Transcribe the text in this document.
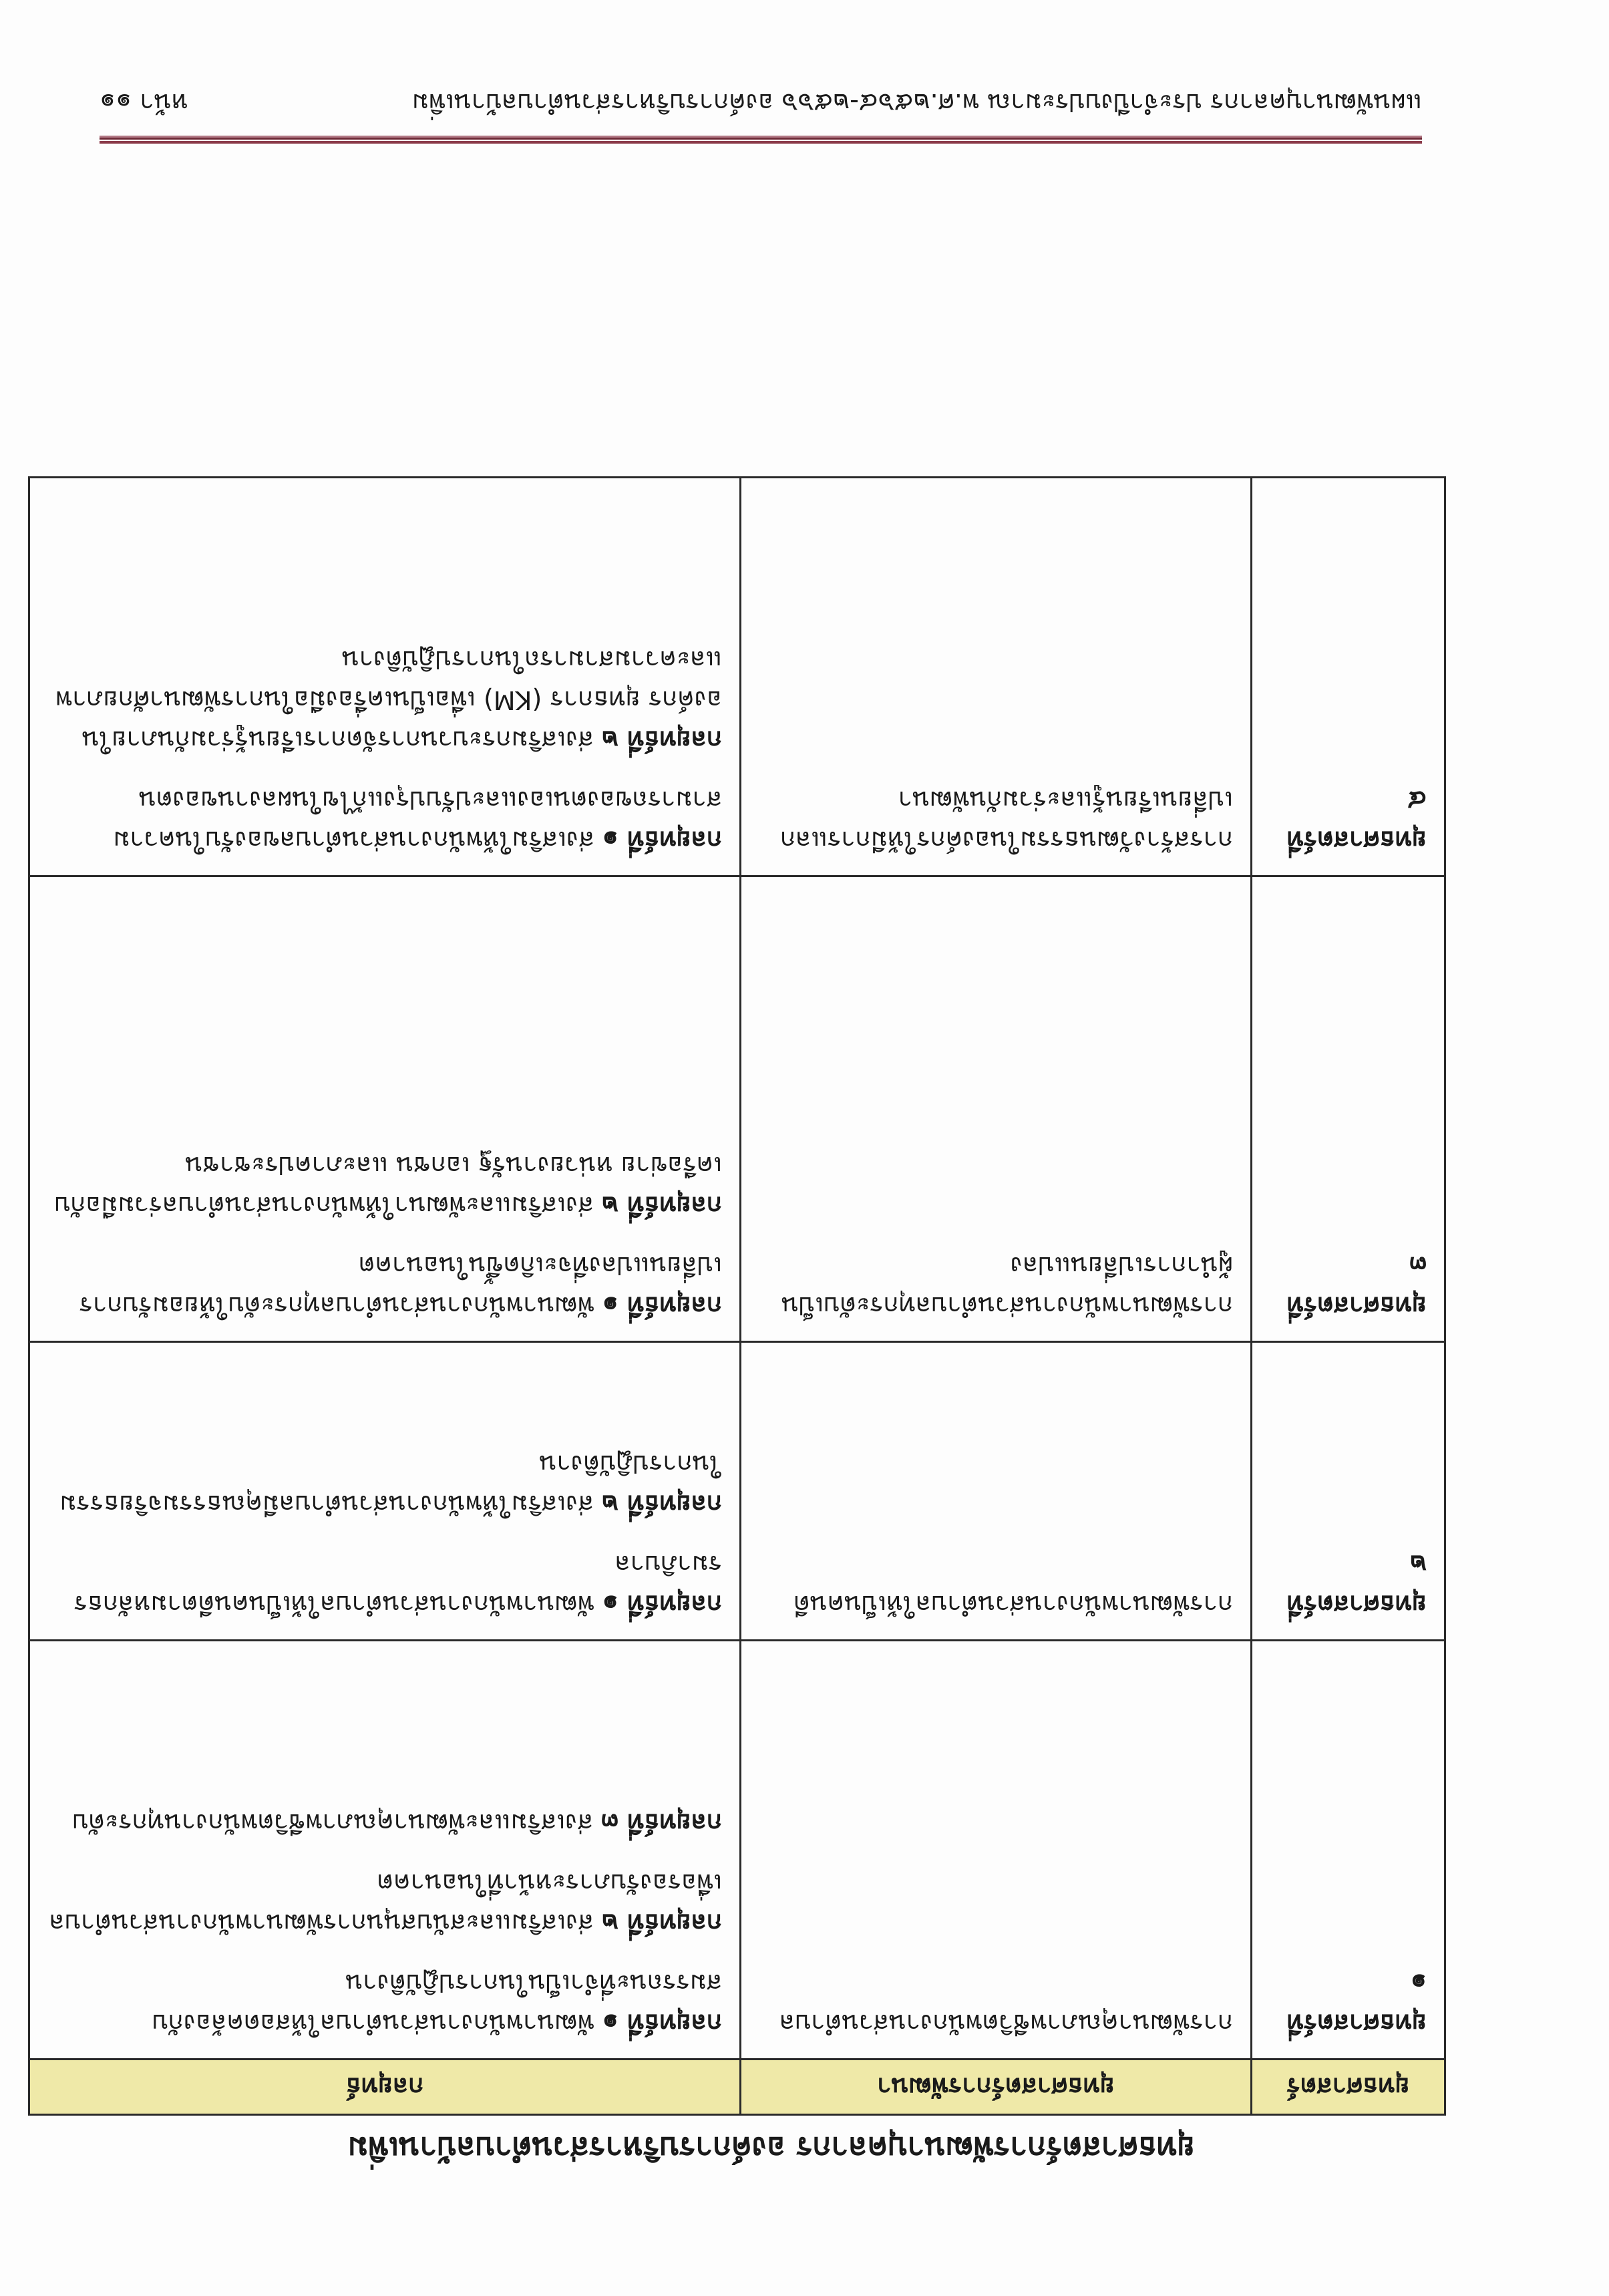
ยุทธศาสตร์การพัฒนาบุคลากร องค์การบริหารส่วนตำบลบ้านเพิ่ม
ยุทธศาสตร์	ยุทธศาสตร์การพัฒนา	กลยุทธ์
ยุทธศาสตร์ที่ ๑	การพัฒนาคุณภาพชีวิตพนักงานส่วนตำบล	กลยุทธ์ที่ ๑ พัฒนาพนักงานส่วนตำบลให้สอดคล้องกับสมรรถนะที่จำเป็นในการปฏิบัติงาน
กลยุทธ์ที่ ๒ ส่งเสริมและสนับสนุนการพัฒนาพนักงานส่วนตำบลเพื่อรองรับภาระหน้าที่ในอนาคต
กลยุทธ์ที่ ๓ ส่งเสริมและพัฒนาคุณภาพชีวิตพนักงานทุกระดับ

ยุทธศาสตร์ที่ ๒	การพัฒนาพนักงานส่วนตำบลให้เป็นคนดี	กลยุทธ์ที่ ๑ พัฒนาพนักงานส่วนตำบลให้เป็นคนดีตามหลักธรรมาภิบาล
กลยุทธ์ที่ ๒ ส่งเสริมให้พนักงานส่วนตำบลมีคุณธรรมจริยธรรมในการปฏิบัติงาน

ยุทธศาสตร์ที่ ๓	การพัฒนาพนักงานส่วนตำบลทุกระดับเป็นผู้นำการเปลี่ยนแปลง	กลยุทธ์ที่ ๑ พัฒนาพนักงานส่วนตำบลทุกระดับให้ยอมรับการเปลี่ยนแปลงที่จะเกิดขึ้นในอนาคต
กลยุทธ์ที่ ๒ ส่งเสริมและพัฒนาให้พนักงานส่วนตำบลร่วมมือกับเครือข่าย หน่วยงานรัฐ เอกชน และภาคประชาชน

ยุทธศาสตร์ที่ ๔	การสร้างวัฒนธรรมในองค์กรให้มีการแลกเปลี่ยนเรียนรู้และร่วมกันพัฒนา	กลยุทธ์ที่ ๑ ส่งเสริมให้พนักงานส่วนตำบลของรับในความสามารถของตนเองและปรับปรุงแก้ไขในผลงานของตน
กลยุทธ์ที่ ๒ ส่งเสริมกระบวนการจัดการเรียนรู้ร่วมกันภายในองค์กร ยุทธการ (KM) เพื่อเป็นเครื่องมือในการพัฒนาศักยภาพและความสามารถในการปฏิบัติงาน
แผนพัฒนาบุคลากร ประจำปีงบประมาณ พ.ศ.๒๕๖๔-๒๕๖๖ องค์การบริหารส่วนตำบลบ้านเพิ่ม
หน้า ๑๑
